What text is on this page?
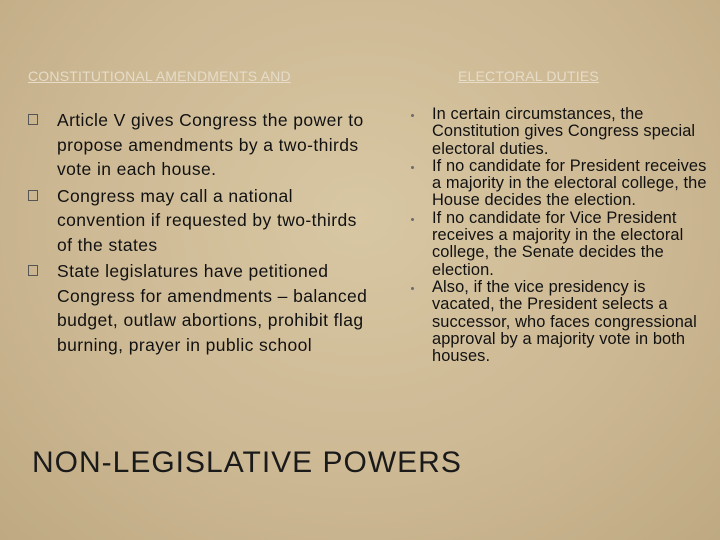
CONSTITUTIONAL AMENDMENTS AND	ELECTORAL DUTIES
Article V gives Congress the power to propose amendments by a two-thirds vote in each house.
Congress may call a national convention if requested by two-thirds of the states
State legislatures have petitioned Congress for amendments – balanced budget, outlaw abortions, prohibit flag burning, prayer in public school
In certain circumstances, the Constitution gives Congress special electoral duties.
If no candidate for President receives a majority in the electoral college, the House decides the election.
If no candidate for Vice President receives a majority in the electoral college, the Senate decides the election.
Also, if the vice presidency is vacated, the President selects a successor, who faces congressional approval by a majority vote in both houses.
NON-LEGISLATIVE POWERS
